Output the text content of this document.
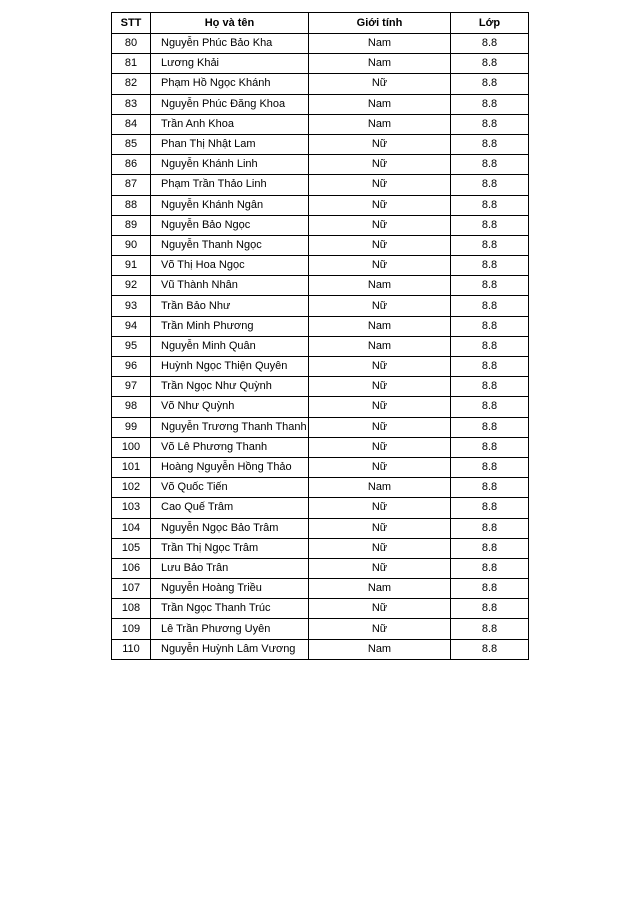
STT	Họ và tên	Giới tính	Lớp
80	Nguyễn Phúc Bảo Kha	Nam	8.8
81	Lương Khải	Nam	8.8
82	Phạm Hồ Ngọc Khánh	Nữ	8.8
83	Nguyễn Phúc Đăng Khoa	Nam	8.8
84	Trần Anh Khoa	Nam	8.8
85	Phan Thị Nhật Lam	Nữ	8.8
86	Nguyễn Khánh Linh	Nữ	8.8
87	Phạm Trần Thảo Linh	Nữ	8.8
88	Nguyễn Khánh Ngân	Nữ	8.8
89	Nguyễn Bảo Ngọc	Nữ	8.8
90	Nguyễn Thanh Ngọc	Nữ	8.8
91	Võ Thị Hoa Ngọc	Nữ	8.8
92	Vũ Thành Nhân	Nam	8.8
93	Trần Bảo Như	Nữ	8.8
94	Trần Minh Phương	Nam	8.8
95	Nguyễn Minh Quân	Nam	8.8
96	Huỳnh Ngọc Thiện Quyên	Nữ	8.8
97	Trần Ngọc Như Quỳnh	Nữ	8.8
98	Võ Như Quỳnh	Nữ	8.8
99	Nguyễn Trương Thanh Thanh	Nữ	8.8
100	Võ Lê Phương Thanh	Nữ	8.8
101	Hoàng Nguyễn Hồng Thảo	Nữ	8.8
102	Võ Quốc Tiến	Nam	8.8
103	Cao Quế Trâm	Nữ	8.8
104	Nguyễn Ngọc Bảo Trâm	Nữ	8.8
105	Trần Thị Ngọc Trâm	Nữ	8.8
106	Lưu Bảo Trân	Nữ	8.8
107	Nguyễn Hoàng Triều	Nam	8.8
108	Trần Ngọc Thanh Trúc	Nữ	8.8
109	Lê Trần Phương Uyên	Nữ	8.8
110	Nguyễn Huỳnh Lâm Vương	Nam	8.8
